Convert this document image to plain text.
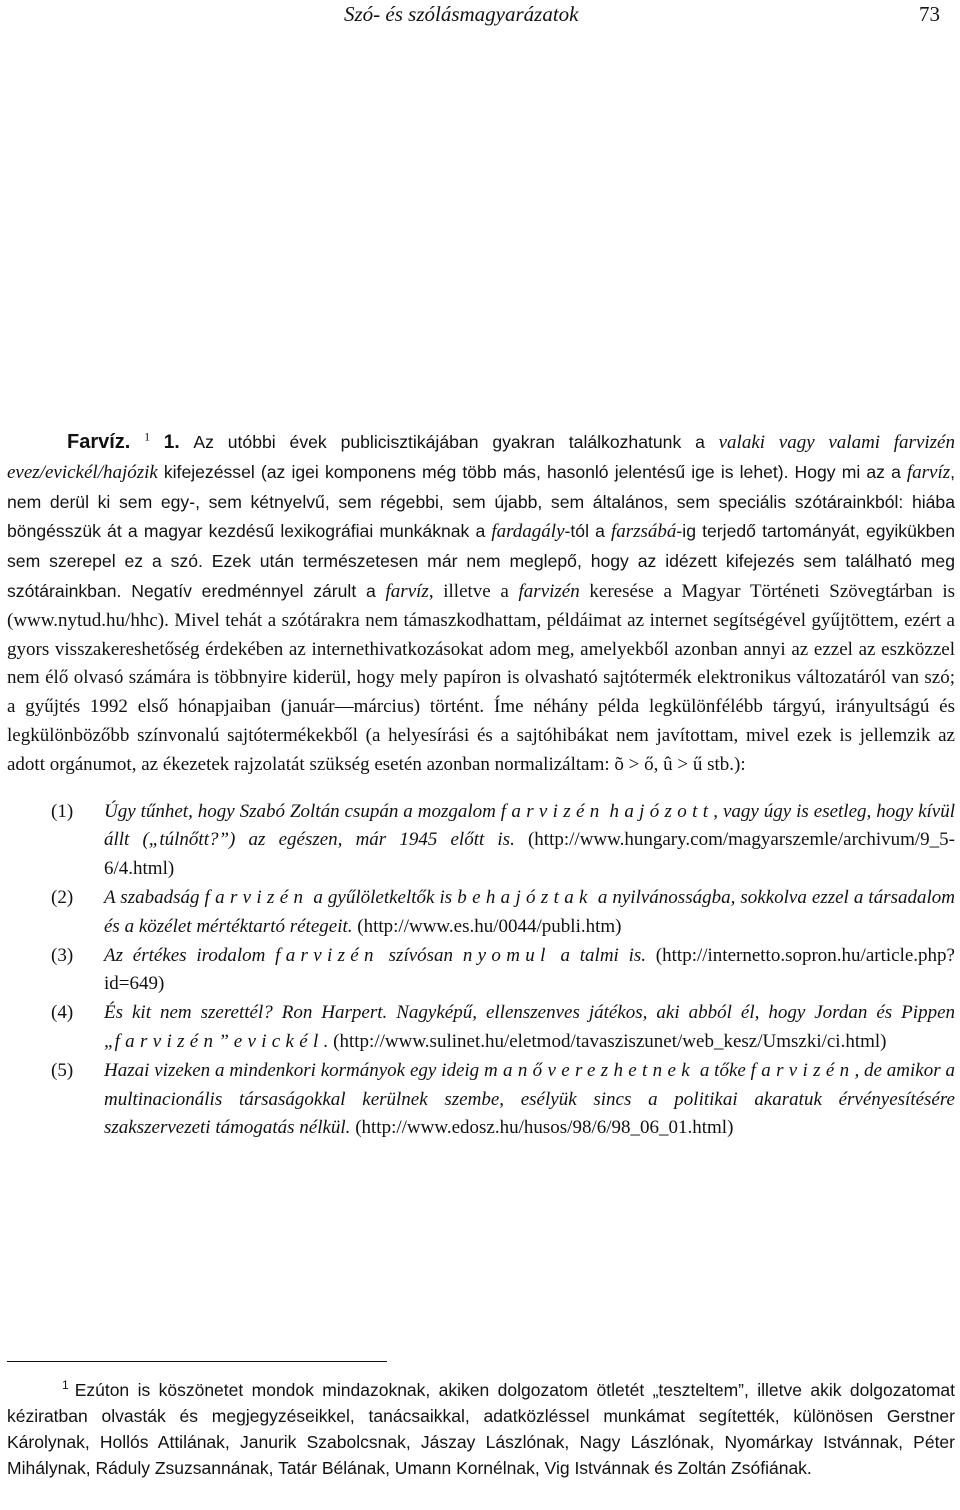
Szó- és szólásmagyarázatok	73

Farvíz. $^1$ 1. Az utóbbi évek publicisztikájában gyakran találkozhatunk a valaki vagy valami farvizén evez/evickél/hajózik kifejezéssel (az igei komponens még több más, hasonló jelentésű ige is lehet). Hogy mi az a farvíz, nem derül ki sem egy-, sem kétnyelvű, sem régebbi, sem újabb, sem általános, sem speciális szótárainkból: hiába böngésszük át a magyar kezdésű lexikográfiai munkáknak a fardagály-tól a farzsábá-ig terjedő tartományát, egyikükben sem szerepel ez a szó. Ezek után természetesen már nem meglepő, hogy az idézett kifejezés sem található meg szótárainkban. Negatív eredménnyel zárult a farvíz, illetve a farvizén keresése a Magyar Történeti Szövegtárban is (www.nytud.hu/hhc). Mivel tehát a szótárakra nem támaszkodhattam, példáimat az internet segítségével gyűjtöttem, ezért a gyors visszakereshetőség érdekében az internethivatkozásokat adom meg, amelyekből azonban annyi az ezzel az eszközzel nem élő olvasó számára is többnyire kiderül, hogy mely papíron is olvasható sajtótermék elektronikus változatáról van szó; a gyűjtés 1992 első hónapjaiban (január—március) történt. Íme néhány példa legkülönfélébb tárgyú, irányultságú és legkülönbözőbb színvonalú sajtótermékekből (a helyesírási és a sajtóhibákat nem javítottam, mivel ezek is jellemzik az adott orgánumot, az ékezetek rajzolatát szükség esetén azonban normalizáltam: õ > ő, û > ű stb.):

(1)	Úgy tűnhet, hogy Szabó Zoltán csupán a mozgalom farvizén hajózott, vagy úgy is esetleg, hogy kívül állt („túlnőtt?”) az egészen, már 1945 előtt is. (http://www.hungary.com/magyarszemle/archivum/9_5-6/4.html)
(2)	A szabadság farvizén a gyűlöletkeltők is behajóztak a nyilvánosságba, sokkolva ezzel a társadalom és a közélet mértéktartó rétegeit. (http://www.es.hu/0044/publi.htm)
(3)	Az értékes irodalom farvizén szívósan nyomul a talmi is. (http://internetto.sopron.hu/article.php?id=649)
(4)	És kit nem szerettél? Ron Harpert. Nagyképű, ellenszenves játékos, aki abból él, hogy Jordan és Pippen „farvizén” evickél. (http://www.sulinet.hu/eletmod/tavasziszunet/web_kesz/Umszki/ci.html)
(5)	Hazai vizeken a mindenkori kormányok egy ideig manőverezhetnek a tőke farvizén, de amikor a multinacionális társaságokkal kerülnek szembe, esélyük sincs a politikai akaratuk érvényesítésére szakszervezeti támogatás nélkül. (http://www.edosz.hu/husos/98/6/98_06_01.html)

$^1$ Ezúton is köszönetet mondok mindazoknak, akiken dolgozatom ötletét „teszteltem”, illetve akik dolgozatomat kéziratban olvasták és megjegyzéseikkel, tanácsaikkal, adatközléssel munkámat segítették, különösen Gerstner Károlynak, Hollós Attilának, Janurik Szabolcsnak, Jászay Lászlónak, Nagy Lászlónak, Nyomárkay Istvánnak, Péter Mihálynak, Ráduly Zsuzsannának, Tatár Bélának, Umann Kornélnak, Vig Istvánnak és Zoltán Zsófiának.
